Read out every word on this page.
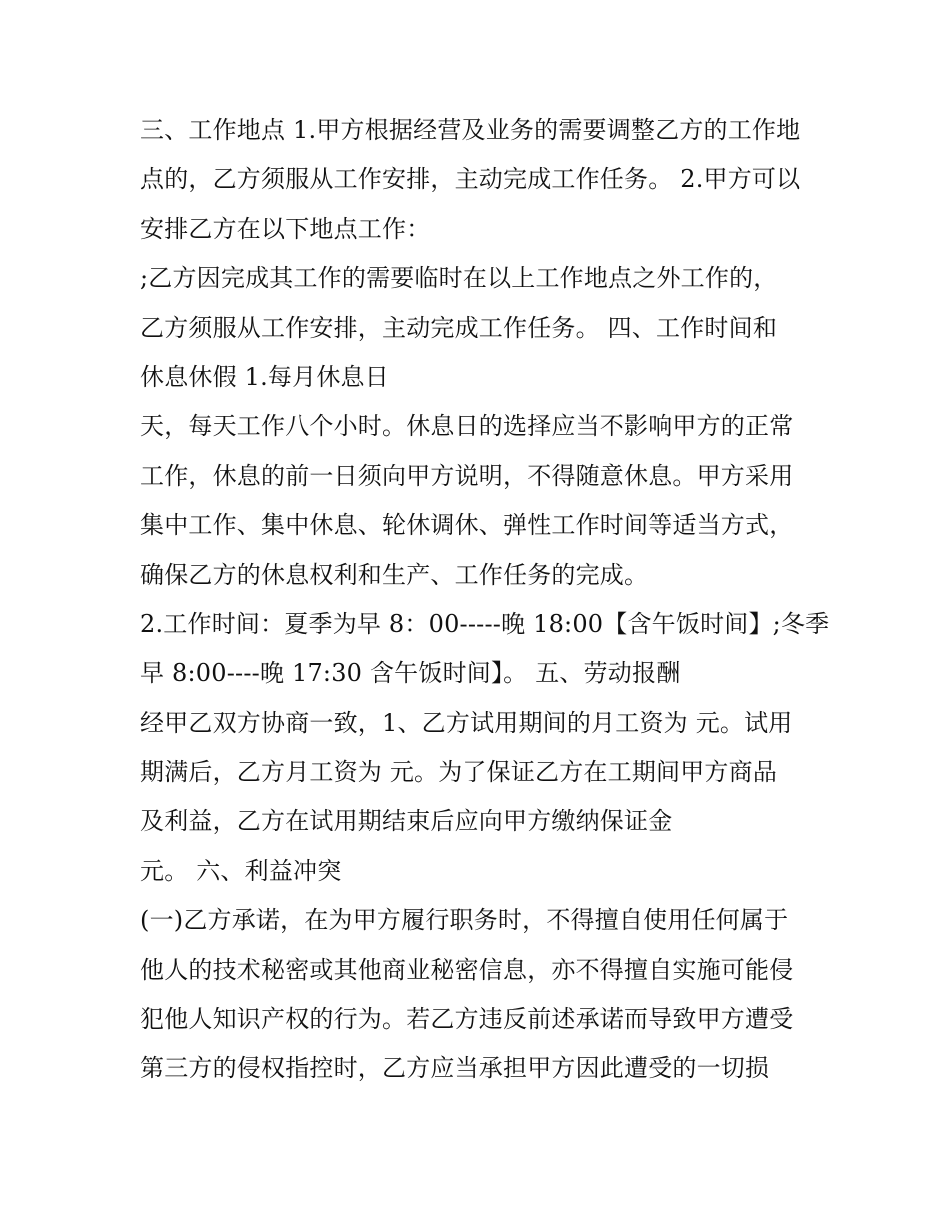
三、工作地点 1.甲方根据经营及业务的需要调整乙方的工作地
点的，乙方须服从工作安排，主动完成工作任务。 2.甲方可以
安排乙方在以下地点工作：
;乙方因完成其工作的需要临时在以上工作地点之外工作的，
乙方须服从工作安排，主动完成工作任务。 四、工作时间和
休息休假 1.每月休息日
天，每天工作八个小时。休息日的选择应当不影响甲方的正常
工作，休息的前一日须向甲方说明，不得随意休息。甲方采用
集中工作、集中休息、轮休调休、弹性工作时间等适当方式，
确保乙方的休息权利和生产、工作任务的完成。
2.工作时间：夏季为早 8：00-----晚 18:00【含午饭时间】;冬季
早 8:00----晚 17:30 含午饭时间】。 五、劳动报酬
经甲乙双方协商一致，1、乙方试用期间的月工资为 元。试用
期满后，乙方月工资为 元。为了保证乙方在工期间甲方商品
及利益，乙方在试用期结束后应向甲方缴纳保证金
元。 六、利益冲突
(一)乙方承诺，在为甲方履行职务时，不得擅自使用任何属于
他人的技术秘密或其他商业秘密信息，亦不得擅自实施可能侵
犯他人知识产权的行为。若乙方违反前述承诺而导致甲方遭受
第三方的侵权指控时，乙方应当承担甲方因此遭受的一切损
